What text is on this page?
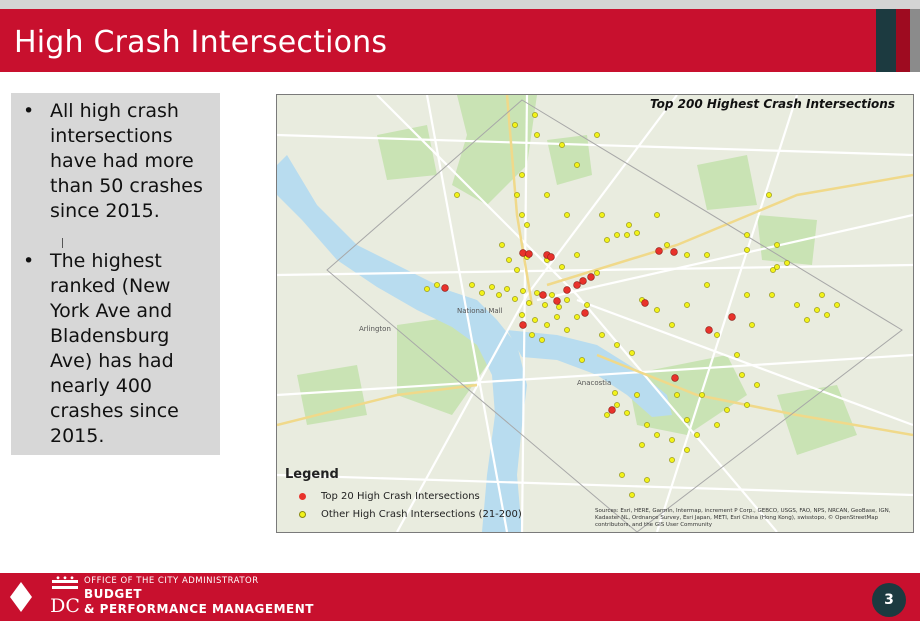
High Crash Intersections
• All high crash intersections have had more than 50 crashes since 2015.
• The highest ranked (New York Ave and Bladensburg Ave) has had nearly 400 crashes since 2015.
Arlington
National Mall
Anacostia
Top 200 Highest Crash Intersections
Legend
Top 20 High Crash Intersections
Other High Crash Intersections (21-200)	Sources: Esri, HERE, Garmin, Intermap, increment P Corp., GEBCO, USGS, FAO, NPS, NRCAN, GeoBase, IGN, Kadaster NL, Ordnance Survey, Esri Japan, METI, Esri China (Hong Kong), swisstopo, © OpenStreetMap contributors, and the GIS User Community
DC
OFFICE OF THE CITY ADMINISTRATOR
BUDGET
& PERFORMANCE MANAGEMENT
3
